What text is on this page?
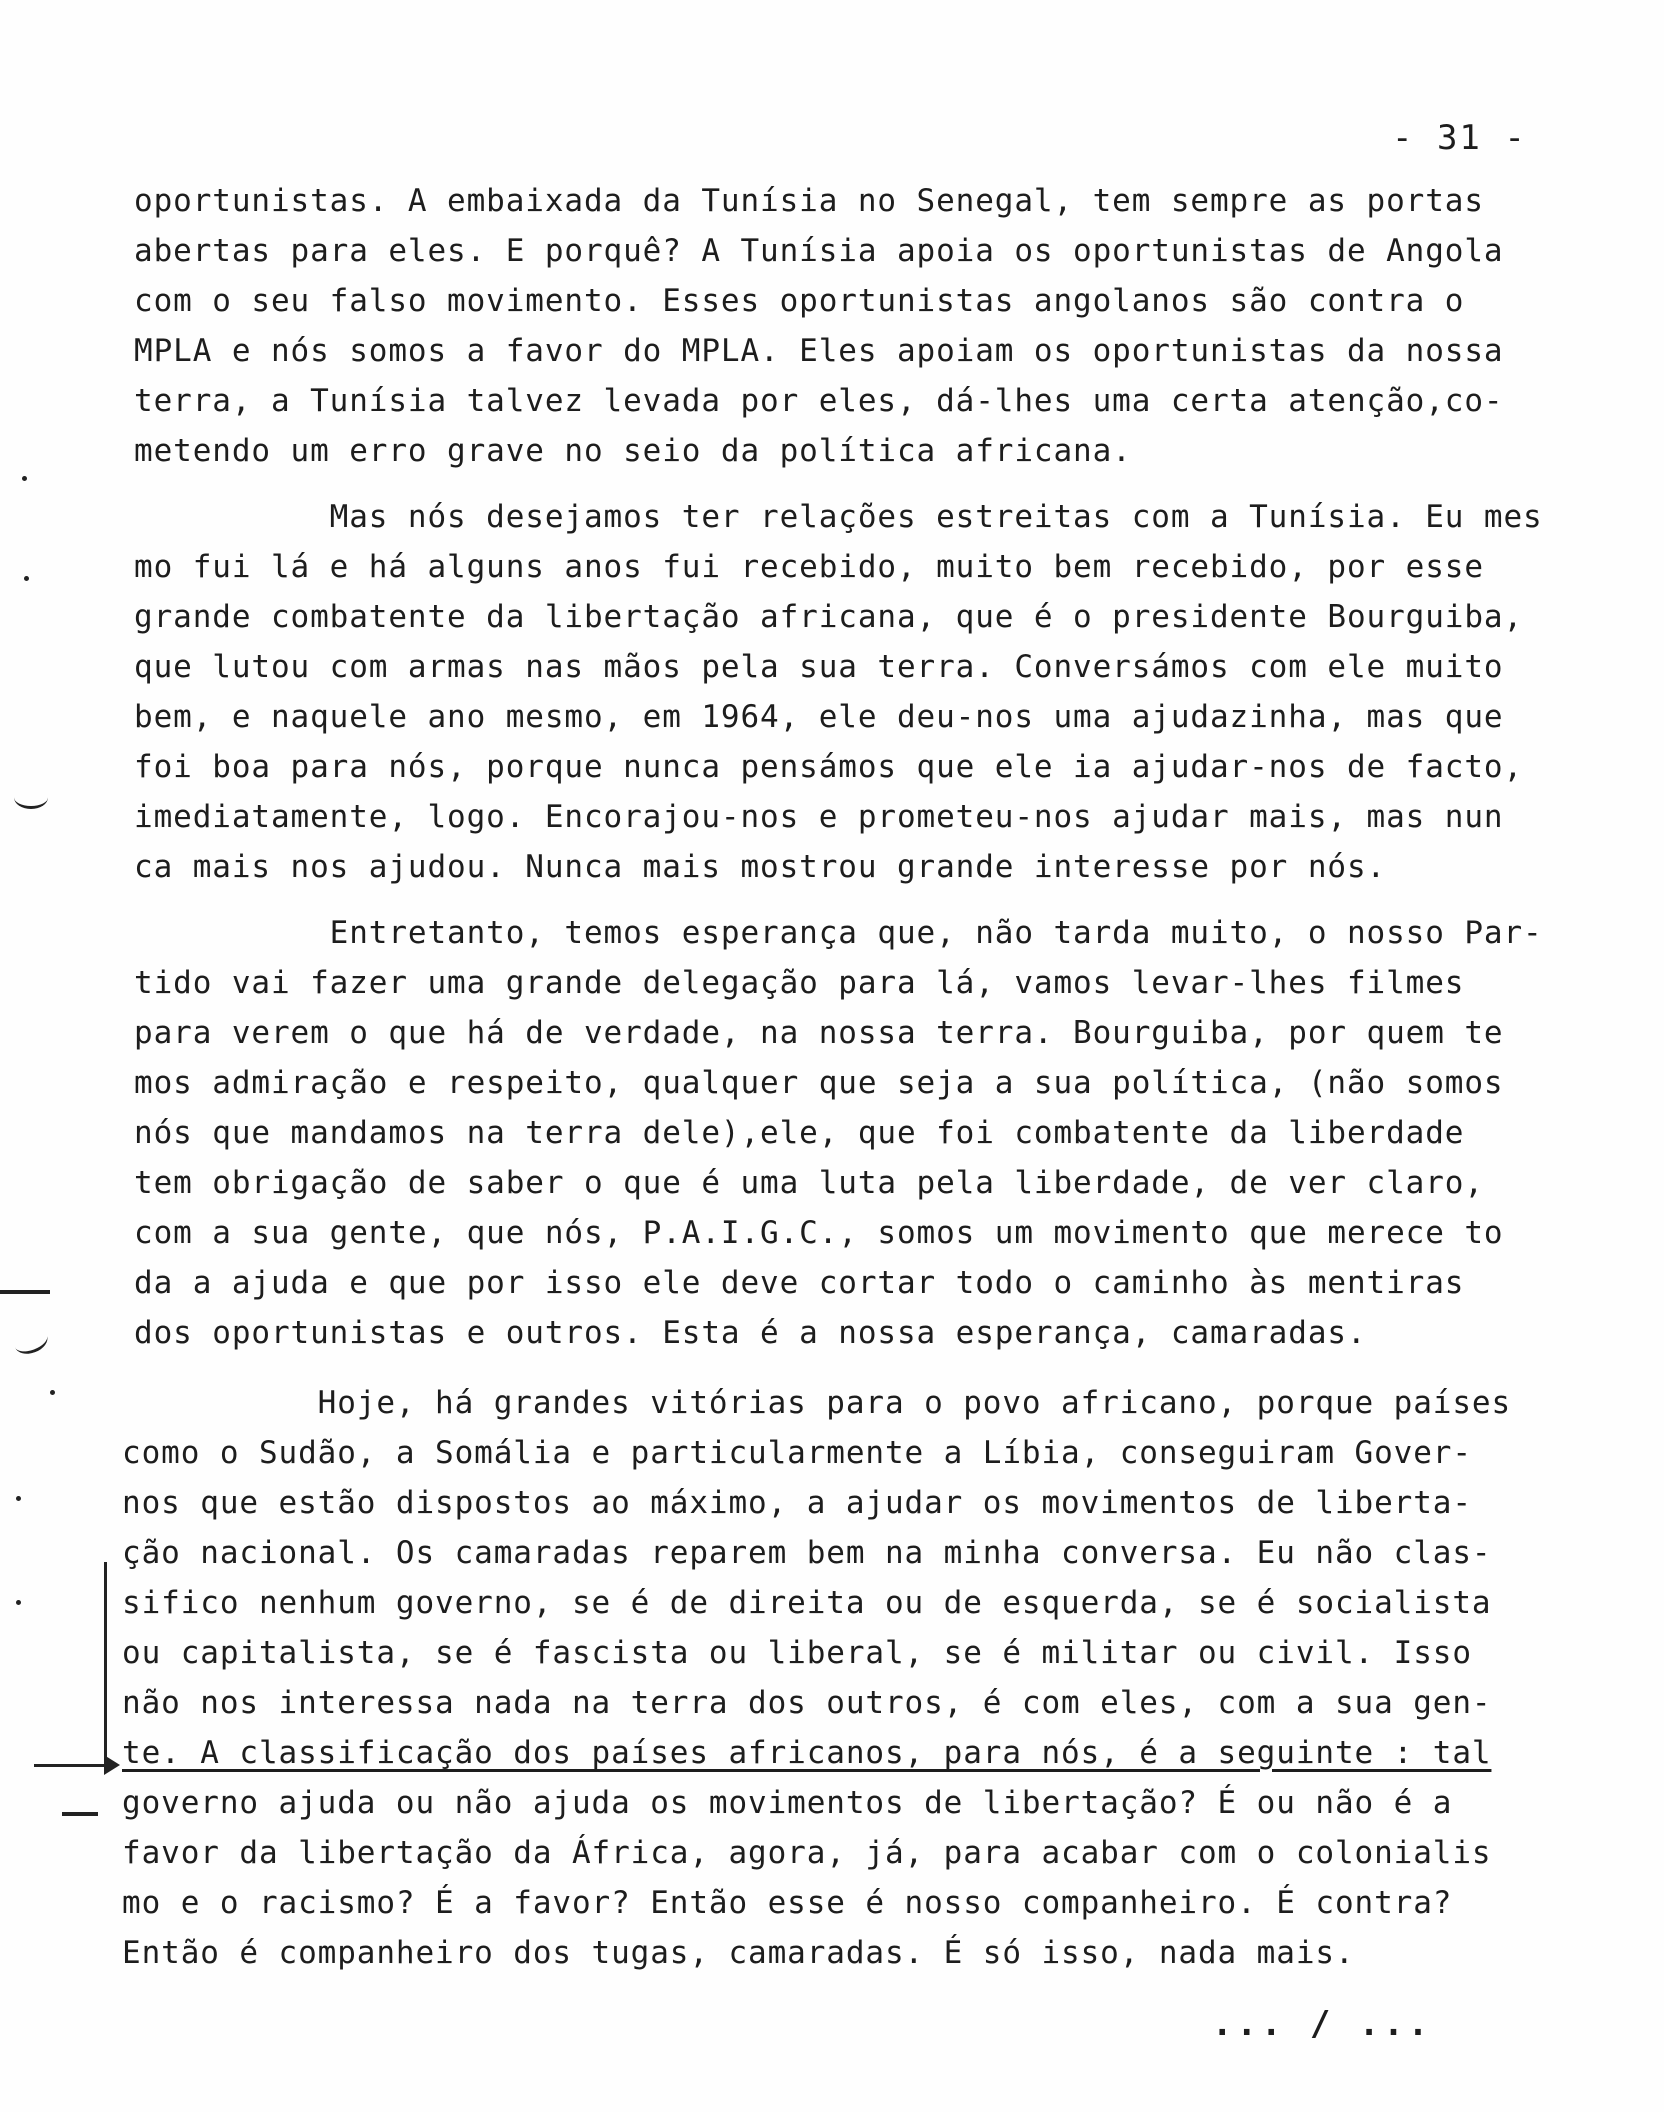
- 31 -
oportunistas. A embaixada da Tunísia no Senegal, tem sempre as portas
abertas para eles. E porquê? A Tunísia apoia os oportunistas de Angola
com o seu falso movimento. Esses oportunistas angolanos são contra o
MPLA e nós somos a favor do MPLA. Eles apoiam os oportunistas da nossa
terra, a Tunísia talvez levada por eles, dá-lhes uma certa atenção,co-
metendo um erro grave no seio da política africana.
Mas nós desejamos ter relações estreitas com a Tunísia. Eu mes
mo fui lá e há alguns anos fui recebido, muito bem recebido, por esse
grande combatente da libertação africana, que é o presidente Bourguiba,
que lutou com armas nas mãos pela sua terra. Conversámos com ele muito
bem, e naquele ano mesmo, em 1964, ele deu-nos uma ajudazinha, mas que
foi boa para nós, porque nunca pensámos que ele ia ajudar-nos de facto,
imediatamente, logo. Encorajou-nos e prometeu-nos ajudar mais, mas nun
ca mais nos ajudou. Nunca mais mostrou grande interesse por nós.
Entretanto, temos esperança que, não tarda muito, o nosso Par-
tido vai fazer uma grande delegação para lá, vamos levar-lhes filmes
para verem o que há de verdade, na nossa terra. Bourguiba, por quem te
mos admiração e respeito, qualquer que seja a sua política, (não somos
nós que mandamos na terra dele),ele, que foi combatente da liberdade
tem obrigação de saber o que é uma luta pela liberdade, de ver claro,
com a sua gente, que nós, P.A.I.G.C., somos um movimento que merece to
da a ajuda e que por isso ele deve cortar todo o caminho às mentiras
dos oportunistas e outros. Esta é a nossa esperança, camaradas.
Hoje, há grandes vitórias para o povo africano, porque países
como o Sudão, a Somália e particularmente a Líbia, conseguiram Gover-
nos que estão dispostos ao máximo, a ajudar os movimentos de liberta-
ção nacional. Os camaradas reparem bem na minha conversa. Eu não clas-
sifico nenhum governo, se é de direita ou de esquerda, se é socialista
ou capitalista, se é fascista ou liberal, se é militar ou civil. Isso
não nos interessa nada na terra dos outros, é com eles, com a sua gen-
te. A classificação dos países africanos, para nós, é a seguinte : tal
governo ajuda ou não ajuda os movimentos de libertação? É ou não é a
favor da libertação da África, agora, já, para acabar com o colonialis
mo e o racismo? É a favor? Então esse é nosso companheiro. É contra?
Então é companheiro dos tugas, camaradas. É só isso, nada mais.
... / ...
